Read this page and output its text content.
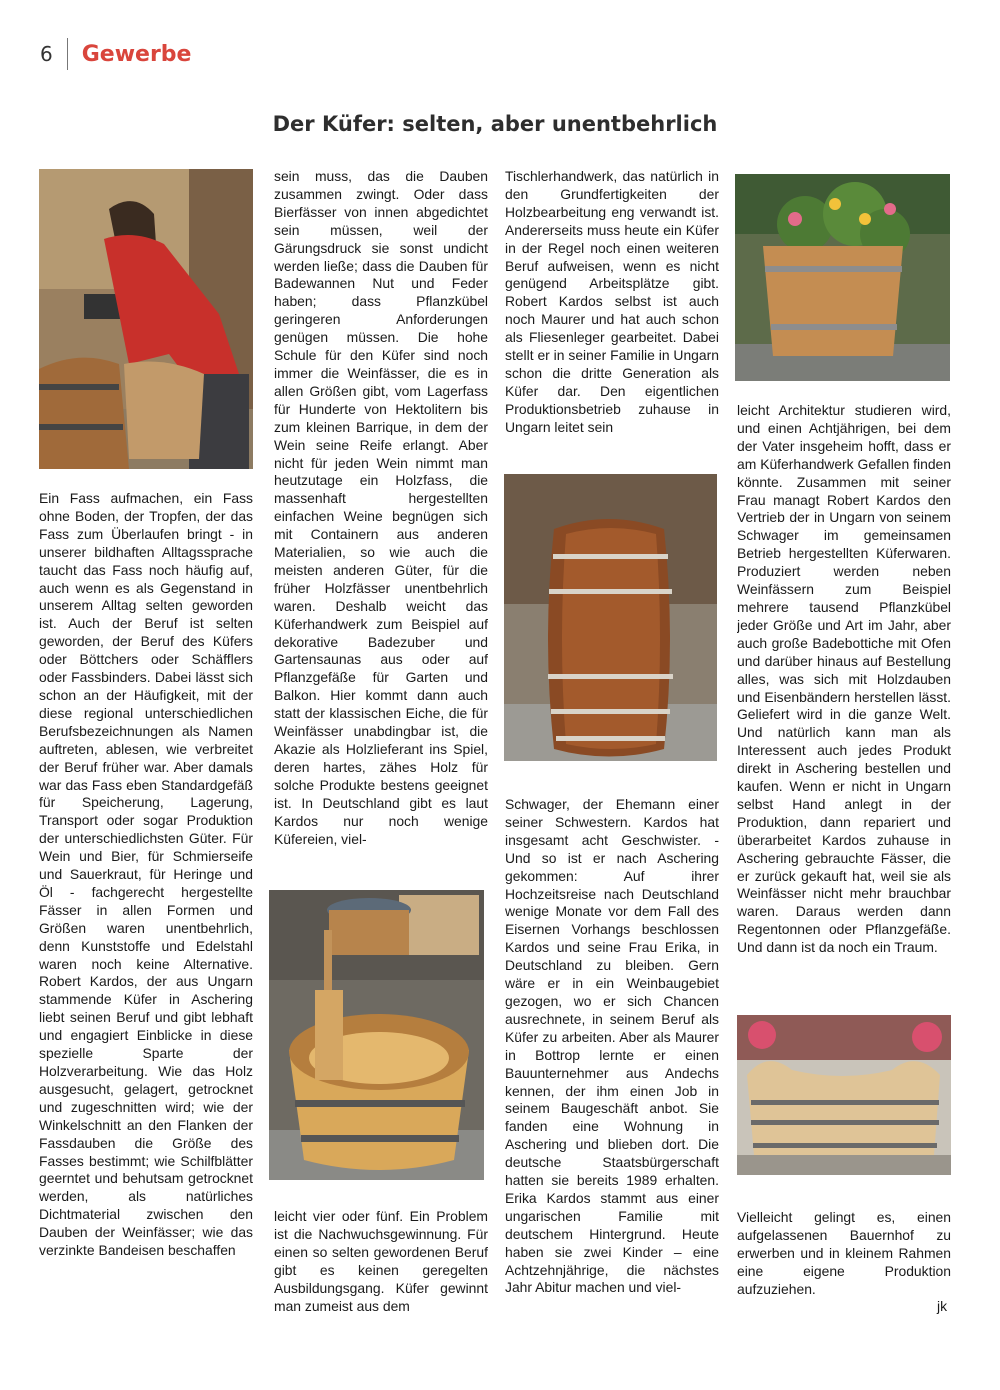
6	Gewerbe
Der Küfer: selten, aber unentbehrlich

Ein Fass aufmachen, ein Fass ohne Boden, der Tropfen, der das Fass zum Überlaufen bringt - in unserer bildhaften Alltagssprache taucht das Fass noch häufig auf, auch wenn es als Gegenstand in unserem Alltag selten geworden ist. Auch der Beruf ist selten geworden, der Beruf des Küfers oder Böttchers oder Schäfflers oder Fassbinders. Dabei lässt sich schon an der Häufigkeit, mit der diese regional unterschiedlichen Berufsbezeichnungen als Namen auftreten, ablesen, wie verbreitet der Beruf früher war. Aber damals war das Fass eben Standardgefäß für Speicherung, Lagerung, Transport oder sogar Produktion der unterschiedlichsten Güter. Für Wein und Bier, für Schmierseife und Sauerkraut, für Heringe und Öl - fachgerecht hergestellte Fässer in allen Formen und Größen waren unentbehrlich, denn Kunststoffe und Edelstahl waren noch keine Alternative. Robert Kardos, der aus Ungarn stammende Küfer in Aschering liebt seinen Beruf und gibt lebhaft und engagiert Einblicke in diese spezielle Sparte der Holzverarbeitung. Wie das Holz ausgesucht, gelagert, getrocknet und zugeschnitten wird; wie der Winkelschnitt an den Flanken der Fassdauben die Größe des Fasses bestimmt; wie Schilfblätter geerntet und behutsam getrocknet werden, als natürliches Dichtmaterial zwischen den Dauben der Weinfässer; wie das verzinkte Bandeisen beschaffen

sein muss, das die Dauben zusammen zwingt. Oder dass Bierfässer von innen abgedichtet sein müssen, weil der Gärungsdruck sie sonst undicht werden ließe; dass die Dauben für Badewannen Nut und Feder haben; dass Pflanzkübel geringeren Anforderungen genügen müssen. Die hohe Schule für den Küfer sind noch immer die Weinfässer, die es in allen Größen gibt, vom Lagerfass für Hunderte von Hektolitern bis zum kleinen Barrique, in dem der Wein seine Reife erlangt. Aber nicht für jeden Wein nimmt man heutzutage ein Holzfass, die massenhaft hergestellten einfachen Weine begnügen sich mit Containern aus anderen Materialien, so wie auch die meisten anderen Güter, für die früher Holzfässer unentbehrlich waren. Deshalb weicht das Küferhandwerk zum Beispiel auf dekorative Badezuber und Gartensaunas aus oder auf Pflanzgefäße für Garten und Balkon. Hier kommt dann auch statt der klassischen Eiche, die für Weinfässer unabdingbar ist, die Akazie als Holzlieferant ins Spiel, deren hartes, zähes Holz für solche Produkte bestens geeignet ist. In Deutschland gibt es laut Kardos nur noch wenige Küfereien, viel-

leicht vier oder fünf. Ein Problem ist die Nachwuchsgewinnung. Für einen so selten gewordenen Beruf gibt es keinen geregelten Ausbildungsgang. Küfer gewinnt man zumeist aus dem

Tischlerhandwerk, das natürlich in den Grundfertigkeiten der Holzbearbeitung eng verwandt ist. Andererseits muss heute ein Küfer in der Regel noch einen weiteren Beruf aufweisen, wenn es nicht genügend Arbeitsplätze gibt. Robert Kardos selbst ist auch noch Maurer und hat auch schon als Fliesenleger gearbeitet. Dabei stellt er in seiner Familie in Ungarn schon die dritte Generation als Küfer dar. Den eigentlichen Produktionsbetrieb zuhause in Ungarn leitet sein

Schwager, der Ehemann einer seiner Schwestern. Kardos hat insgesamt acht Geschwister. - Und so ist er nach Aschering gekommen: Auf ihrer Hochzeitsreise nach Deutschland wenige Monate vor dem Fall des Eisernen Vorhangs beschlossen Kardos und seine Frau Erika, in Deutschland zu bleiben. Gern wäre er in ein Weinbaugebiet gezogen, wo er sich Chancen ausrechnete, in seinem Beruf als Küfer zu arbeiten. Aber als Maurer in Bottrop lernte er einen Bauunternehmer aus Andechs kennen, der ihm einen Job in seinem Baugeschäft anbot. Sie fanden eine Wohnung in Aschering und blieben dort. Die deutsche Staatsbürgerschaft hatten sie bereits 1989 erhalten. Erika Kardos stammt aus einer ungarischen Familie mit deutschem Hintergrund. Heute haben sie zwei Kinder – eine Achtzehnjährige, die nächstes Jahr Abitur machen und viel-

leicht Architektur studieren wird, und einen Achtjährigen, bei dem der Vater insgeheim hofft, dass er am Küferhandwerk Gefallen finden könnte. Zusammen mit seiner Frau managt Robert Kardos den Vertrieb der in Ungarn von seinem Schwager im gemeinsamen Betrieb hergestellten Küferwaren. Produziert werden neben Weinfässern zum Beispiel mehrere tausend Pflanzkübel jeder Größe und Art im Jahr, aber auch große Badebottiche mit Ofen und darüber hinaus auf Bestellung alles, was sich mit Holzdauben und Eisenbändern herstellen lässt. Geliefert wird in die ganze Welt. Und natürlich kann man als Interessent auch jedes Produkt direkt in Aschering bestellen und kaufen. Wenn er nicht in Ungarn selbst Hand anlegt in der Produktion, dann repariert und überarbeitet Kardos zuhause in Aschering gebrauchte Fässer, die er zurück gekauft hat, weil sie als Weinfässer nicht mehr brauchbar waren. Daraus werden dann Regentonnen oder Pflanzgefäße. Und dann ist da noch ein Traum.

Vielleicht gelingt es, einen aufgelassenen Bauernhof zu erwerben und in kleinem Rahmen eine eigene Produktion aufzuziehen.

jk
